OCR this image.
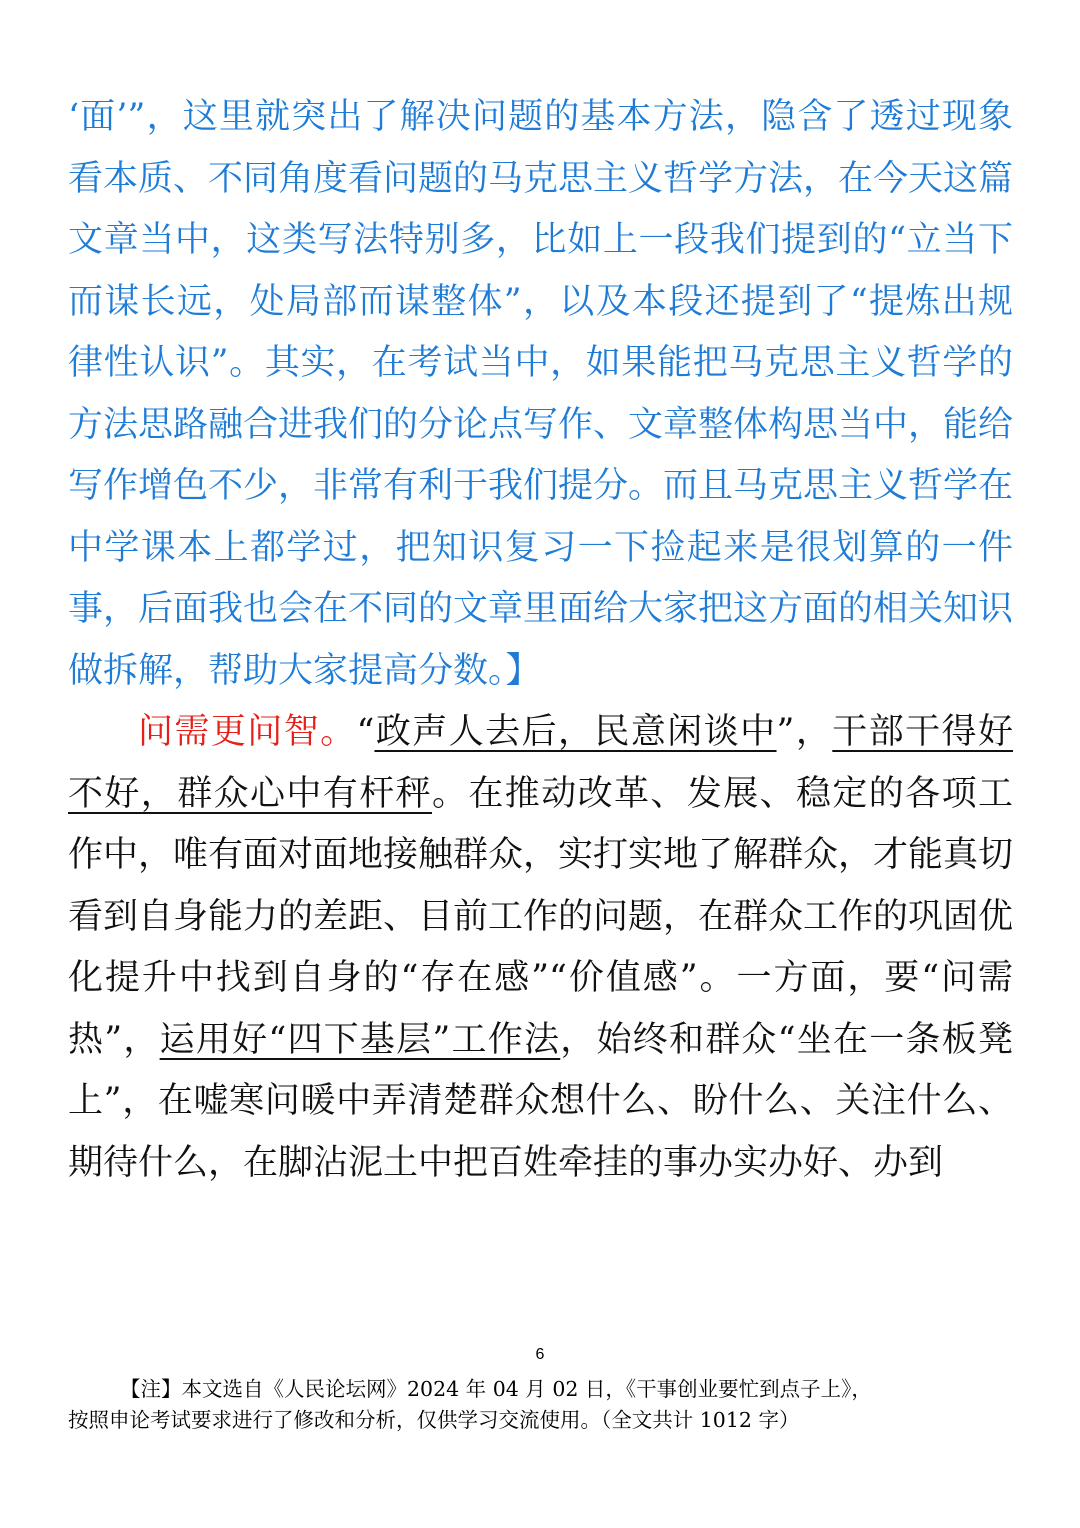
‘面’”，这里就突出了解决问题的基本方法，隐含了透过现象看本质、不同角度看问题的马克思主义哲学方法，在今天这篇文章当中，这类写法特别多，比如上一段我们提到的“立当下而谋长远，处局部而谋整体”，以及本段还提到了“提炼出规律性认识”。其实，在考试当中，如果能把马克思主义哲学的方法思路融合进我们的分论点写作、文章整体构思当中，能给写作增色不少，非常有利于我们提分。而且马克思主义哲学在中学课本上都学过，把知识复习一下捡起来是很划算的一件事，后面我也会在不同的文章里面给大家把这方面的相关知识做拆解，帮助大家提高分数。】

问需更问智。“政声人去后，民意闲谈中”，干部干得好不好，群众心中有杆秤。在推动改革、发展、稳定的各项工作中，唯有面对面地接触群众，实打实地了解群众，才能真切看到自身能力的差距、目前工作的问题，在群众工作的巩固优化提升中找到自身的“存在感”“价值感”。一方面，要“问需热”，运用好“四下基层”工作法，始终和群众“坐在一条板凳上”，在嘘寒问暖中弄清楚群众想什么、盼什么、关注什么、期待什么，在脚沾泥土中把百姓牵挂的事办实办好、办到

6

【注】本文选自《人民论坛网》2024 年 04 月 02 日，《干事创业要忙到点子上》，

按照申论考试要求进行了修改和分析，仅供学习交流使用。（全文共计 1012 字）
